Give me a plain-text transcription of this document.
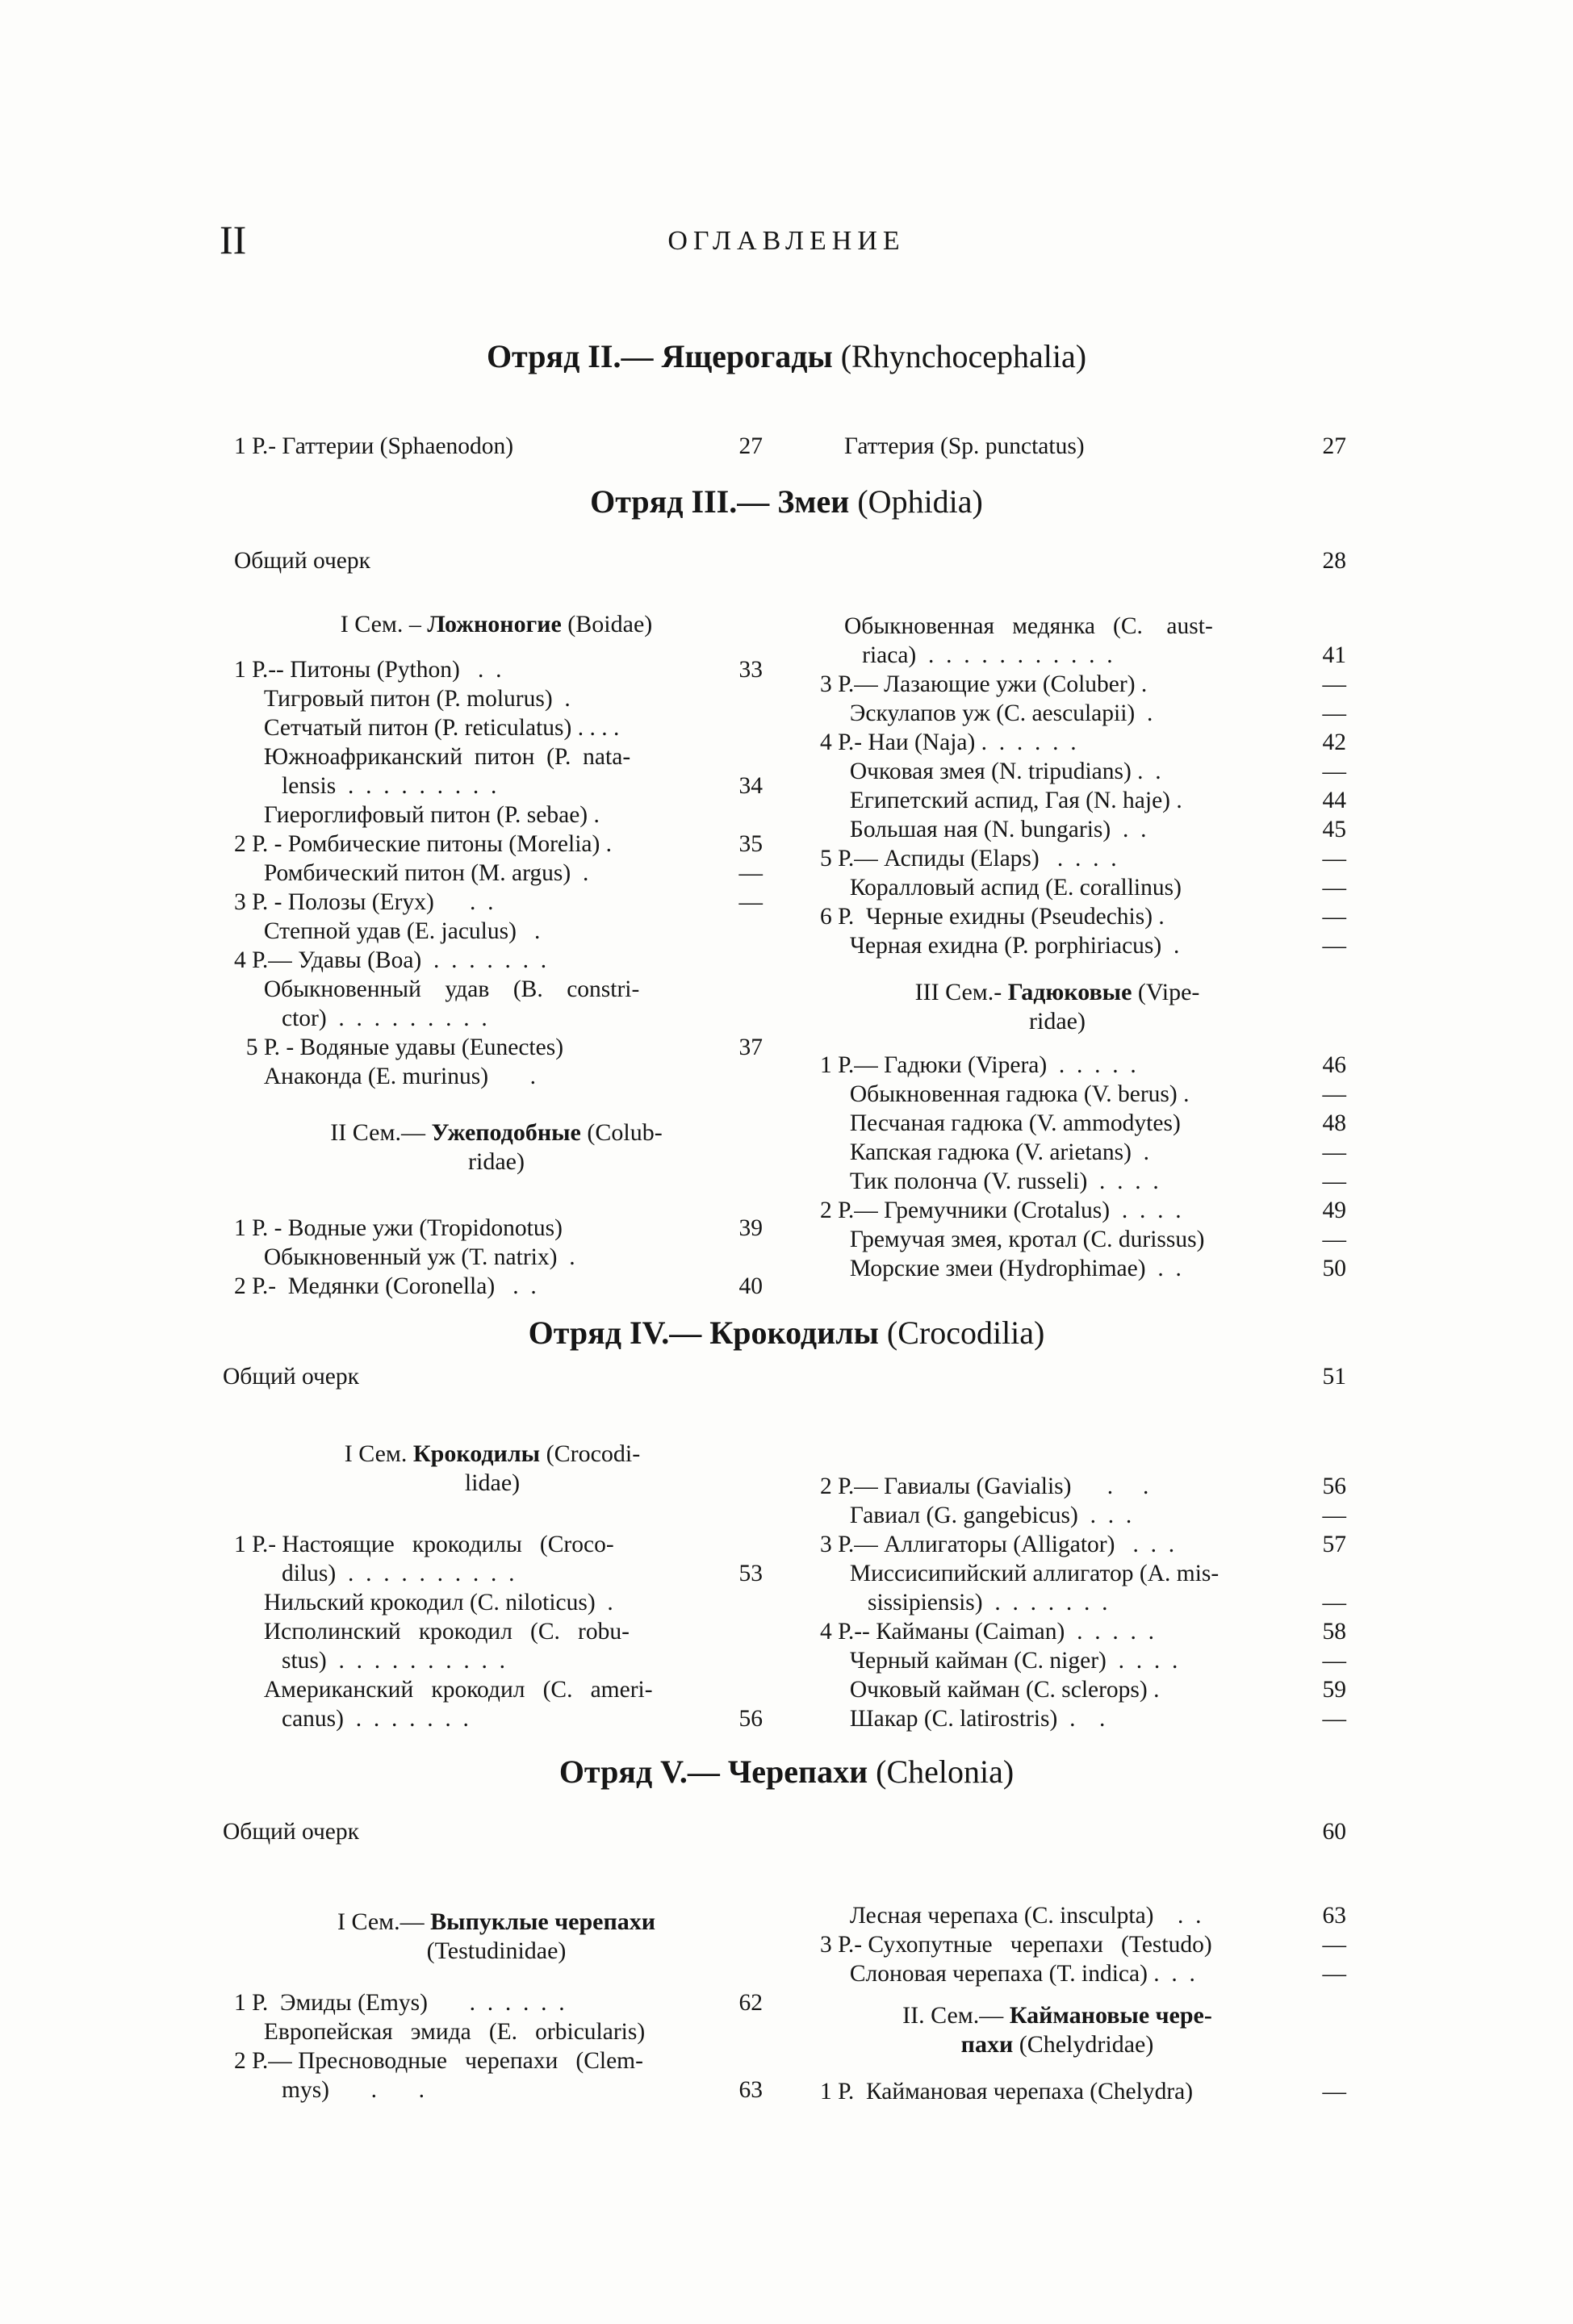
II	ОГЛАВЛЕНИЕ
Отряд II.— Ящерогады (Rhynchocephalia)
Отряд III.— Змеи (Ophidia)
Отряд IV.— Крокодилы (Crocodilia)
Отряд V.— Черепахи (Chelonia)
I Сем. – Ложноногие (Boidae)
II Сем.— Ужеподобные (Colub-
ridae)
III Сем.- Гадюковые (Vipe-
ridae)
I Сем. Крокодилы (Crocodi-
lidae)
I Сем.— Выпуклые черепахи
(Testudinidae)
II. Сем.— Каймановые чере-
пахи (Chelydridae)
1 Р.- Гаттерии (Sphaenodon)	27	Гаттерия (Sp. punctatus)	27
Общий очерк	28
1 Р.-- Питоны (Python)   .  .	33
Тигровый питон (P. molurus)  .
Сетчатый питон (P. reticulatus) . . . .
Южноафриканский  питон  (P.  nata-
lensis  .  .  .  .  .  .  .  .  .	34
Гиероглифовый питон (P. sebae) .
2 Р. - Ромбические питоны (Morelia) .	35
Ромбический питон (M. argus)  .	—
3 Р. - Полозы (Eryx)      .  .	—
Степной удав (E. jaculus)   .
4 Р.— Удавы (Boa)  .  .  .  .  .  .  .
Обыкновенный    удав    (B.    constri-
ctor)  .  .  .  .  .  .  .  .  .
5 Р. - Водяные удавы (Eunectes)	37
Анаконда (E. murinus)       .
1 Р. - Водные ужи (Tropidonotus)	39
Обыкновенный уж (T. natrix)  .
2 Р.-  Медянки (Coronella)   .  .	40
Обыкновенная   медянка   (C.    aust-
riaca)  .  .  .  .  .  .  .  .  .  .  .	41
3 Р.— Лазающие ужи (Coluber) .	—
Эскулапов уж (C. aesculapii)  .	—
4 Р.- Наи (Naja) .  .  .  .  .  .	42
Очковая змея (N. tripudians) .  .	—
Египетский аспид, Гая (N. haje) .	44
Большая ная (N. bungaris)  .  .	45
5 Р.— Аспиды (Elaps)   .  .  .  .	—
Коралловый аспид (E. corallinus)	—
6 Р.  Черные ехидны (Pseudechis) .	—
Черная ехидна (P. porphiriacus)  .	—
1 Р.— Гадюки (Vipera)  .  .  .  .  .	46
Обыкновенная гадюка (V. berus) .	—
Песчаная гадюка (V. ammodytes)	48
Капская гадюка (V. arietans)  .	—
Тик полонча (V. russeli)  .  .  .  .	—
2 Р.— Гремучники (Crotalus)  .  .  .  .	49
Гремучая змея, кротал (C. durissus)	—
Морские змеи (Hydrophimae)  .  .	50
Общий очерк	51
1 Р.- Настоящие   крокодилы   (Croco-
dilus)  .  .  .  .  .  .  .  .  .  .	53
Нильский крокодил (C. niloticus)  .
Исполинский   крокодил   (C.   robu-
stus)  .  .  .  .  .  .  .  .  .  .
Американский   крокодил   (C.   ameri-
canus)  .  .  .  .  .  .  .	56
2 Р.— Гавиалы (Gavialis)      .     .	56
Гавиал (G. gangebicus)  .  .  .	—
3 Р.— Аллигаторы (Alligator)   .  .  .	57
Миссисипийский аллигатор (A. mis-
sissipiensis)  .  .  .  .  .  .  .	—
4 Р.-- Кайманы (Caiman)  .  .  .  .  .	58
Черный кайман (C. niger)  .  .  .  .	—
Очковый кайман (C. sclerops) .	59
Шакар (C. latirostris)  .    .	—
Общий очерк	60
1 Р.  Эмиды (Emys)       .  .  .  .  .  .	62
Европейская   эмида   (E.   orbicularis)
2 Р.— Пресноводные   черепахи   (Clem-
mys)       .       .	63
Лесная черепаха (C. insculpta)    .  .	63
3 Р.- Сухопутные   черепахи   (Testudo)	—
Слоновая черепаха (T. indica) .  .  .	—
1 Р.  Каймановая черепаха (Chelydra)	—
